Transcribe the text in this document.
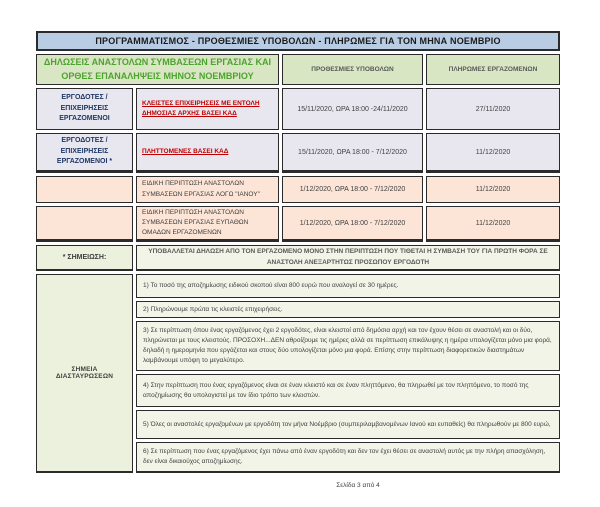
ΠΡΟΓΡΑΜΜΑΤΙΣΜΟΣ - ΠΡΟΘΕΣΜΙΕΣ ΥΠΟΒΟΛΩΝ - ΠΛΗΡΩΜΕΣ ΓΙΑ ΤΟΝ ΜΗΝΑ ΝΟΕΜΒΡΙΟ			
ΔΗΛΩΣΕΙΣ ΑΝΑΣΤΟΛΩΝ ΣΥΜΒΑΣΕΩΝ ΕΡΓΑΣΙΑΣ ΚΑΙ ΟΡΘΕΣ ΕΠΑΝΑΛΗΨΕΙΣ ΜΗΝΟΣ ΝΟΕΜΒΡΙΟΥ		ΠΡΟΘΕΣΜΙΕΣ ΥΠΟΒΟΛΩΝ	ΠΛΗΡΩΜΕΣ ΕΡΓΑΖΟΜΕΝΩΝ
ΕΡΓΟΔΟΤΕΣ / ΕΠΙΧΕΙΡΗΣΕΙΣ ΕΡΓΑΖΟΜΕΝΟΙ	ΚΛΕΙΣΤΕΣ ΕΠΙΧΕΙΡΗΣΕΙΣ ΜΕ ΕΝΤΟΛΗ ΔΗΜΟΣΙΑΣ ΑΡΧΗΣ ΒΑΣΕΙ ΚΑΔ	15/11/2020, ΩΡΑ 18:00 -24/11/2020	27/11/2020
ΕΡΓΟΔΟΤΕΣ / ΕΠΙΧΕΙΡΗΣΕΙΣ ΕΡΓΑΖΟΜΕΝΟΙ *	ΠΛΗΤΤΟΜΕΝΕΣ ΒΑΣΕΙ ΚΑΔ	15/11/2020, ΩΡΑ 18:00 - 7/12/2020	11/12/2020
	ΕΙΔΙΚΗ ΠΕΡΙΠΤΩΣΗ ΑΝΑΣΤΟΛΩΝ ΣΥΜΒΑΣΕΩΝ ΕΡΓΑΣΙΑΣ ΛΟΓΩ "ΙΑΝΟΥ"	1/12/2020, ΩΡΑ 18:00 - 7/12/2020	11/12/2020
	ΕΙΔΙΚΗ ΠΕΡΙΠΤΩΣΗ ΑΝΑΣΤΟΛΩΝ ΣΥΜΒΑΣΕΩΝ ΕΡΓΑΣΙΑΣ ΕΥΠΑΘΩΝ ΟΜΑΔΩΝ ΕΡΓΑΖΟΜΕΝΩΝ	1/12/2020, ΩΡΑ 18:00 - 7/12/2020	11/12/2020
* ΣΗΜΕΙΩΣΗ:	ΥΠΟΒΑΛΛΕΤΑΙ ΔΗΛΩΣΗ ΑΠΟ ΤΟΝ ΕΡΓΑΖΟΜΕΝΟ ΜΟΝΟ ΣΤΗΝ ΠΕΡΙΠΤΩΣΗ ΠΟΥ ΤΙΘΕΤΑΙ Η ΣΥΜΒΑΣΗ ΤΟΥ ΓΙΑ ΠΡΩΤΗ ΦΟΡΑ ΣΕ ΑΝΑΣΤΟΛΗ ΑΝΕΞΑΡΤΗΤΩΣ ΠΡΟΣΩΠΟΥ ΕΡΓΟΔΟΤΗ		
ΣΗΜΕΙΑ ΔΙΑΣΤΑΥΡΩΣΕΩΝ	1) Το ποσό της αποζημίωσης ειδικού σκοπού είναι 800 ευρώ που αναλογεί σε 30 ημέρες.		
	2) Πληρώνουμε πρώτα τις κλειστές επιχειρήσεις.		
	3) Σε περίπτωση όπου ένας εργαζόμενος έχει 2 εργοδότες, είναι κλειστοί από δημόσια αρχή και τον έχουν θέσει σε αναστολή και οι δύο, πληρώνεται με τους κλειστούς. ΠΡΟΣΟΧΗ...ΔΕΝ αθροίζουμε τις ημέρες αλλά σε περίπτωση επικάλυψης η ημέρα υπολογίζεται μόνο μια φορά, δηλαδή η ημερομηνία που εργάζεται και στους δύο υπολογίζεται μόνο μια φορά. Επίσης στην περίπτωση διαφορετικών διαστημάτων λαμβάνουμε υπόψη το μεγαλύτερο.		
	4) Στην περίπτωση που ένας εργαζόμενος είναι σε έναν κλειστό και σε έναν πληττόμενο, θα πληρωθεί με τον πληττόμενο, το ποσό της αποζημίωσης θα υπολογιστεί με τον ίδιο τρόπο των κλειστών.		
	5) Όλες οι αναστολές εργαζομένων με εργοδότη τον μήνα Νοέμβριο (συμπεριλαμβανομένων Ιανού και ευπαθείς) θα πληρωθούν με 800 ευρώ,		
	6) Σε περίπτωση που ένας εργαζόμενος έχει πάνω από έναν εργοδότη και δεν τον έχει θέσει σε αναστολή αυτός με την πλήρη απασχόληση, δεν είναι δικαιούχος αποζημίωσης.		
Σελίδα 3 από 4
